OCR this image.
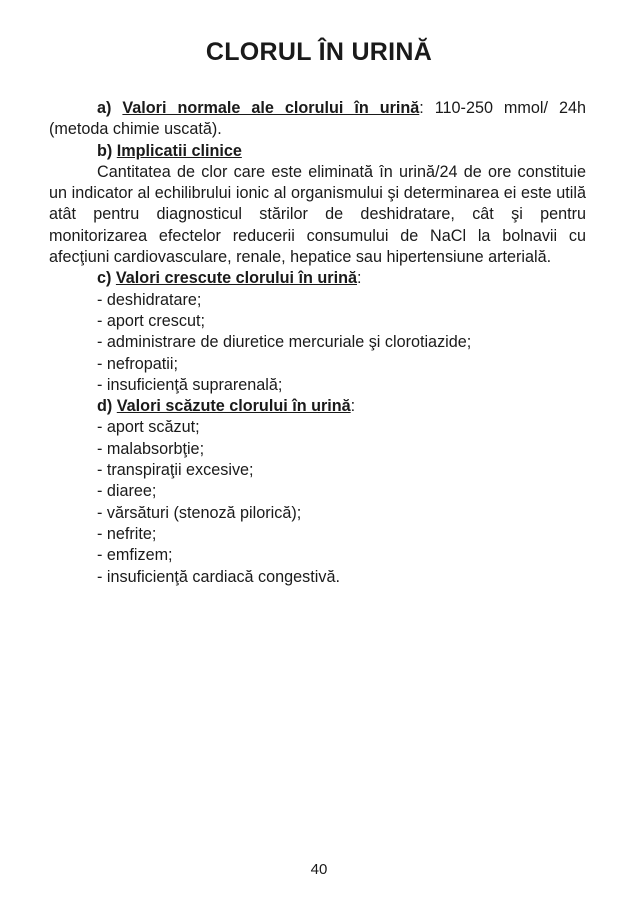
CLORUL ÎN URINĂ

a) Valori normale ale clorului în urină: 110-250 mmol/ 24h (metoda chimie uscată).

b) Implicatii clinice

Cantitatea de clor care este eliminată în urină/24 de ore constituie un indicator al echilibrului ionic al organismului şi determinarea ei este utilă atât pentru diagnosticul stărilor de deshidratare, cât şi pentru monitorizarea efectelor reducerii consumului de NaCl la bolnavii cu afecţiuni cardiovasculare, renale, hepatice sau hipertensiune arterială.

c) Valori crescute clorului în urină:

- deshidratare;
- aport crescut;
- administrare de diuretice mercuriale şi clorotiazide;
- nefropatii;
- insuficienţă suprarenală;

d) Valori scăzute clorului în urină:

- aport scăzut;
- malabsorbţie;
- transpiraţii excesive;
- diaree;
- vărsături (stenoză pilorică);
- nefrite;
- emfizem;
- insuficienţă cardiacă congestivă.
40
